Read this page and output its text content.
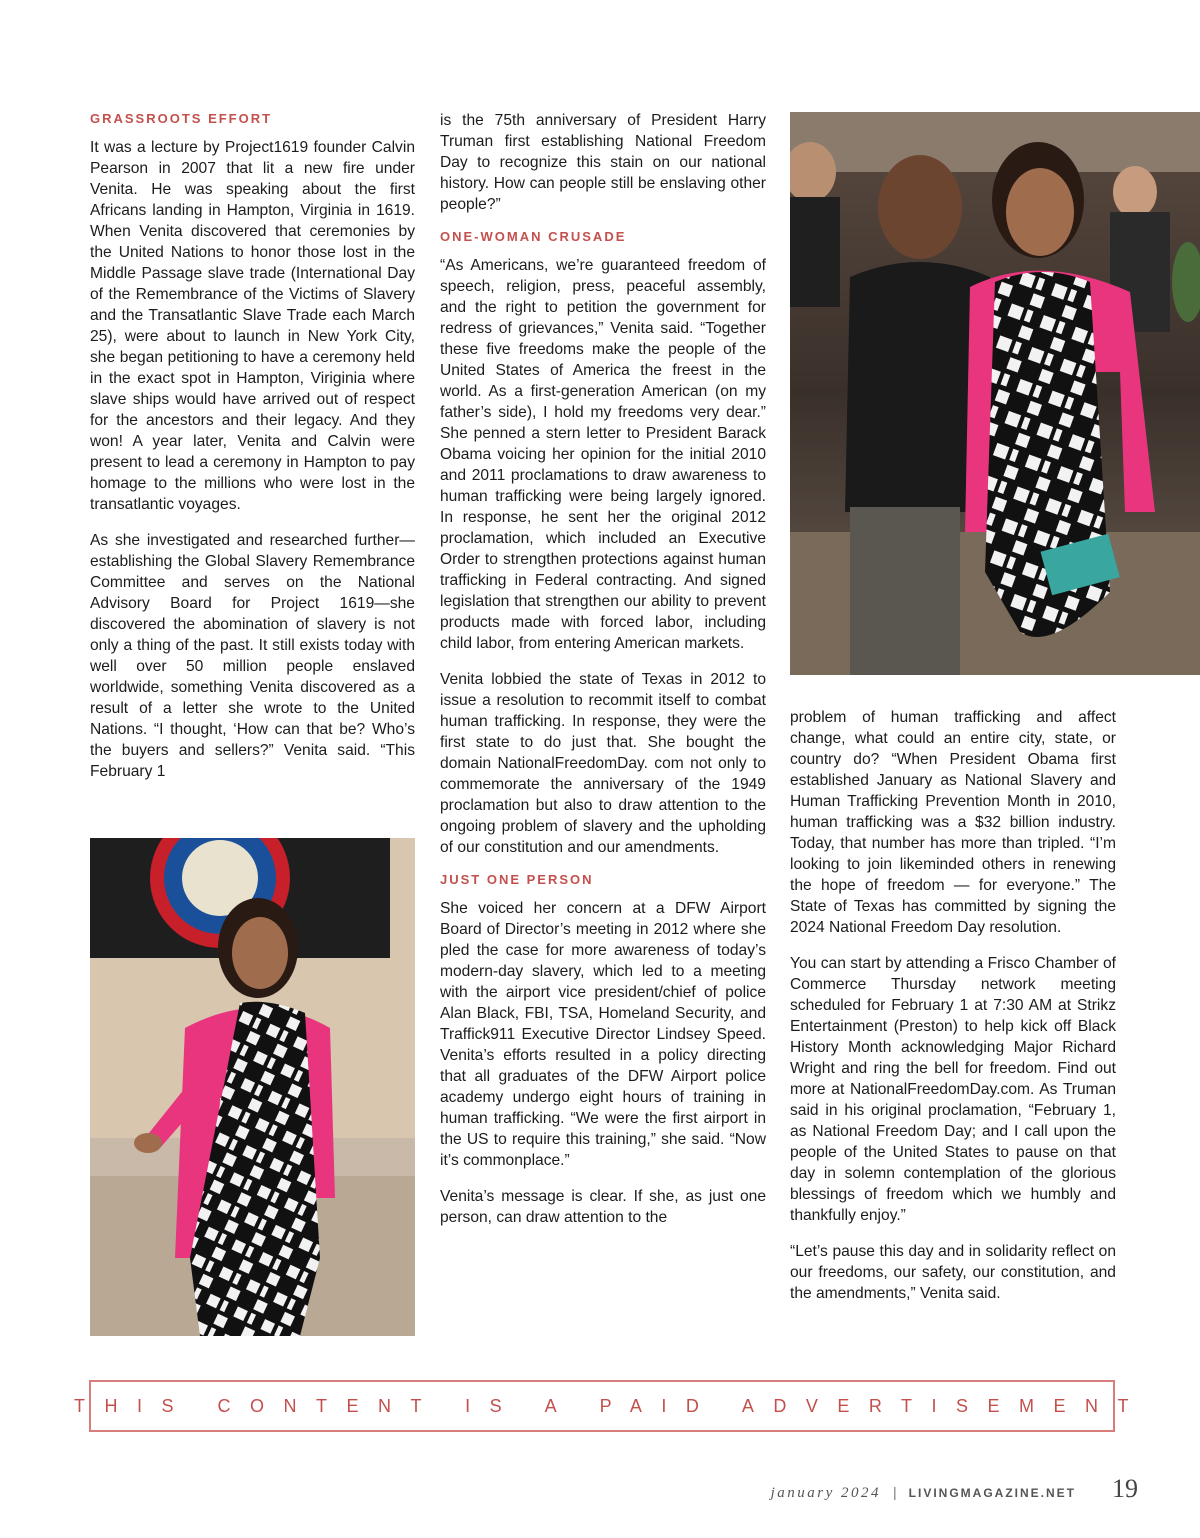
GRASSROOTS EFFORT

It was a lecture by Project1619 founder Calvin Pearson in 2007 that lit a new fire under Venita. He was speaking about the first Africans landing in Hampton, Virginia in 1619. When Venita discovered that ceremonies by the United Nations to honor those lost in the Middle Passage slave trade (International Day of the Remembrance of the Victims of Slavery and the Transatlantic Slave Trade each March 25), were about to launch in New York City, she began petitioning to have a ceremony held in the exact spot in Hampton, Viriginia where slave ships would have arrived out of respect for the ancestors and their legacy. And they won! A year later, Venita and Calvin were present to lead a ceremony in Hampton to pay homage to the millions who were lost in the transatlantic voyages.

As she investigated and researched further—establishing the Global Slavery Remembrance Committee and serves on the National Advisory Board for Project 1619—she discovered the abomination of slavery is not only a thing of the past. It still exists today with well over 50 million people enslaved worldwide, something Venita discovered as a result of a letter she wrote to the United Nations. “I thought, ‘How can that be? Who’s the buyers and sellers?” Venita said. “This February 1

is the 75th anniversary of President Harry Truman first establishing National Freedom Day to recognize this stain on our national history. How can people still be enslaving other people?”

ONE-WOMAN CRUSADE

“As Americans, we’re guaranteed freedom of speech, religion, press, peaceful assembly, and the right to petition the government for redress of grievances,” Venita said. “Together these five freedoms make the people of the United States of America the freest in the world. As a first-generation American (on my father’s side), I hold my freedoms very dear.” She penned a stern letter to President Barack Obama voicing her opinion for the initial 2010 and 2011 proclamations to draw awareness to human trafficking were being largely ignored. In response, he sent her the original 2012 proclamation, which included an Executive Order to strengthen protections against human trafficking in Federal contracting. And signed legislation that strengthen our ability to prevent products made with forced labor, including child labor, from entering American markets.

Venita lobbied the state of Texas in 2012 to issue a resolution to recommit itself to combat human trafficking. In response, they were the first state to do just that. She bought the domain NationalFreedomDay. com not only to commemorate the anniversary of the 1949 proclamation but also to draw attention to the ongoing problem of slavery and the upholding of our constitution and our amendments.

JUST ONE PERSON

She voiced her concern at a DFW Airport Board of Director’s meeting in 2012 where she pled the case for more awareness of today’s modern-day slavery, which led to a meeting with the airport vice president/chief of police Alan Black, FBI, TSA, Homeland Security, and Traffick911 Executive Director Lindsey Speed. Venita’s efforts resulted in a policy directing that all graduates of the DFW Airport police academy undergo eight hours of training in human trafficking. “We were the first airport in the US to require this training,” she said. “Now it’s commonplace.”

Venita’s message is clear. If she, as just one person, can draw attention to the

problem of human trafficking and affect change, what could an entire city, state, or country do? “When President Obama first established January as National Slavery and Human Trafficking Prevention Month in 2010, human trafficking was a $32 billion industry. Today, that number has more than tripled. “I’m looking to join likeminded others in renewing the hope of freedom — for everyone.” The State of Texas has committed by signing the 2024 National Freedom Day resolution.

You can start by attending a Frisco Chamber of Commerce Thursday network meeting scheduled for February 1 at 7:30 AM at Strikz Entertainment (Preston) to help kick off Black History Month acknowledging Major Richard Wright and ring the bell for freedom. Find out more at NationalFreedomDay.com. As Truman said in his original proclamation, “February 1, as National Freedom Day; and I call upon the people of the United States to pause on that day in solemn contemplation of the glorious blessings of freedom which we humbly and thankfully enjoy.”

“Let’s pause this day and in solidarity reflect on our freedoms, our safety, our constitution, and the amendments,” Venita said.

THIS CONTENT IS A PAID ADVERTISEMENT
january 2024 | LIVINGMAGAZINE.NET 19
